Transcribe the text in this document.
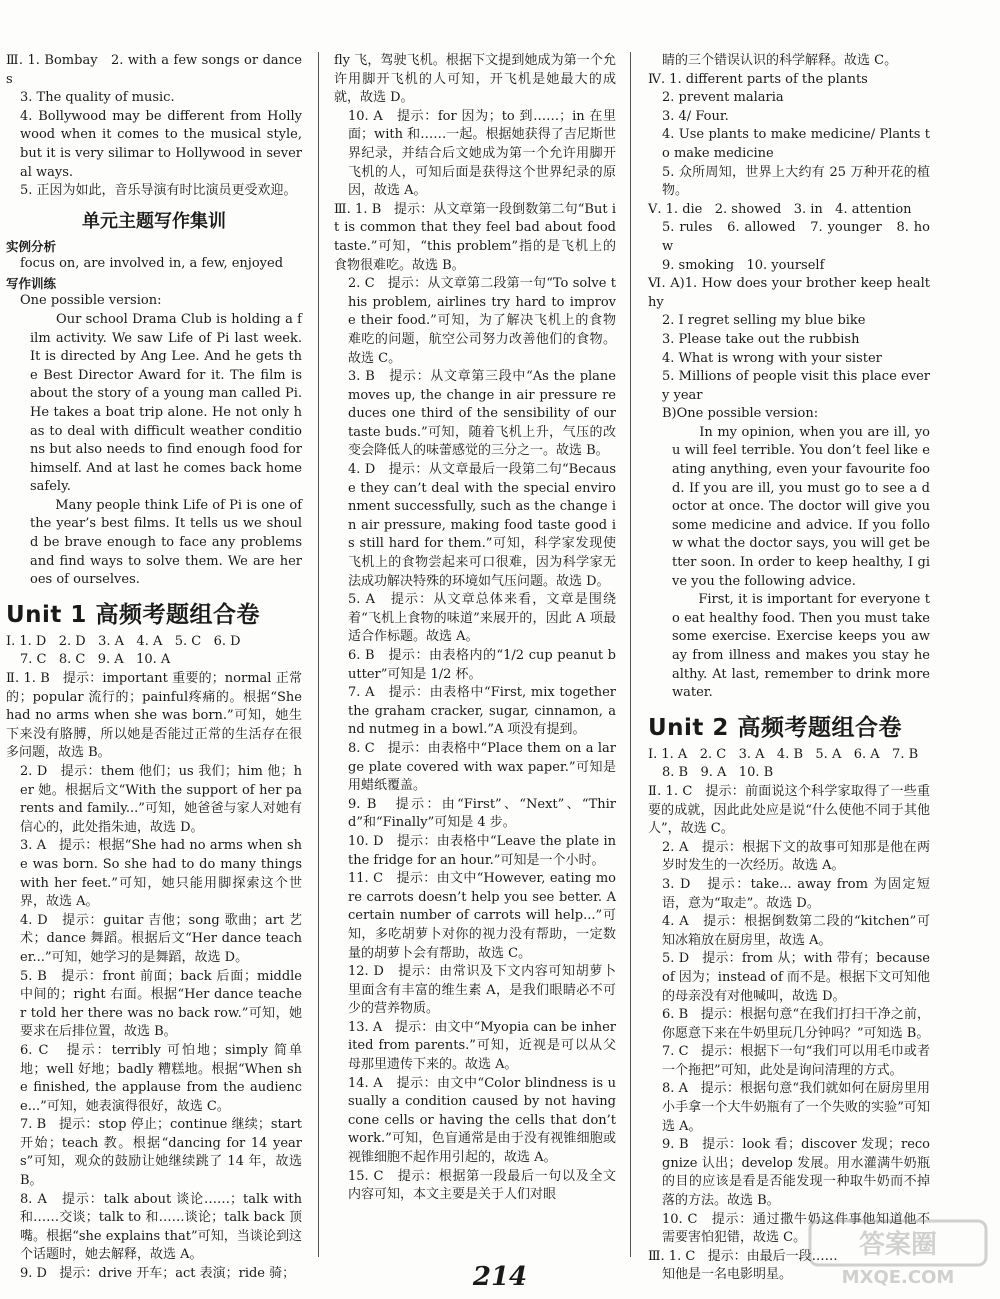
Ⅲ. 1. Bombay   2. with a few songs or dances
3. The quality of music.
4. Bollywood may be different from Hollywood when it comes to the musical style, but it is very silimar to Hollywood in several ways.
5. 正因为如此，音乐导演有时比演员更受欢迎。
单元主题写作集训
实例分析
focus on, are involved in, a few, enjoyed
写作训练
One possible version:
Our school Drama Club is holding a film activity. We saw Life of Pi last week. It is directed by Ang Lee. And he gets the Best Director Award for it. The film is about the story of a young man called Pi. He takes a boat trip alone. He not only has to deal with difficult weather conditions but also needs to find enough food for himself. And at last he comes back home safely.
Many people think Life of Pi is one of the year’s best films. It tells us we should be brave enough to face any problems and find ways to solve them. We are heroes of ourselves.
Unit 1 高频考题组合卷
Ⅰ. 1. D   2. D   3. A   4. A   5. C   6. D
7. C   8. C   9. A   10. A
Ⅱ. 1. B   提示：important 重要的；normal 正常的；popular 流行的；painful疼痛的。根据“She had no arms when she was born.”可知，她生下来没有胳膊，所以她是否能过正常的生活存在很多问题，故选 B。
2. D   提示：them 他们；us 我们；him 他；her 她。根据后文“With the support of her parents and family...”可知，她爸爸与家人对她有信心的，此处指朱迪，故选 D。
3. A   提示：根据“She had no arms when she was born. So she had to do many things with her feet.”可知，她只能用脚探索这个世界，故选 A。
4. D   提示：guitar 吉他；song 歌曲；art 艺术；dance 舞蹈。根据后文“Her dance teacher...”可知，她学习的是舞蹈，故选 D。
5. B   提示：front 前面；back 后面；middle 中间的；right 右面。根据“Her dance teacher told her there was no back row.”可知，她要求在后排位置，故选 B。
6. C   提示：terribly 可怕地；simply 简单地；well 好地；badly 糟糕地。根据“When she finished, the applause from the audience...”可知，她表演得很好，故选 C。
7. B   提示：stop 停止；continue 继续；start 开始；teach 教。根据“dancing for 14 years”可知，观众的鼓励让她继续跳了 14 年，故选 B。
8. A   提示：talk about 谈论……；talk with 和……交谈；talk to 和……谈论；talk back 顶嘴。根据“she explains that”可知，当谈论到这个话题时，她去解释，故选 A。
9. D   提示：drive 开车；act 表演；ride 骑；
fly 飞，驾驶飞机。根据下文提到她成为第一个允许用脚开飞机的人可知，开飞机是她最大的成就，故选 D。
10. A   提示：for 因为；to 到……；in 在里面；with 和……一起。根据她获得了吉尼斯世界纪录，并结合后文她成为第一个允许用脚开飞机的人，可知后面是获得这个世界纪录的原因，故选 A。
Ⅲ. 1. B   提示：从文章第一段倒数第二句“But it is common that they feel bad about food taste.”可知，“this problem”指的是飞机上的食物很难吃。故选 B。
2. C   提示：从文章第二段第一句“To solve this problem, airlines try hard to improve their food.”可知，为了解决飞机上的食物难吃的问题，航空公司努力改善他们的食物。故选 C。
3. B   提示：从文章第三段中“As the plane moves up, the change in air pressure reduces one third of the sensibility of our taste buds.”可知，随着飞机上升，气压的改变会降低人的味蕾感觉的三分之一。故选 B。
4. D   提示：从文章最后一段第二句“Because they can’t deal with the special environment successfully, such as the change in air pressure, making food taste good is still hard for them.”可知，科学家发现使飞机上的食物尝起来可口很难，因为科学家无法成功解决特殊的环境如气压问题。故选 D。
5. A   提示：从文章总体来看，文章是围绕着“飞机上食物的味道”来展开的，因此 A 项最适合作标题。故选 A。
6. B   提示：由表格内的“1/2 cup peanut butter”可知是 1/2 杯。
7. A   提示：由表格中“First, mix together the graham cracker, sugar, cinnamon, and nutmeg in a bowl.”A 项没有提到。
8. C   提示：由表格中“Place them on a large plate covered with wax paper.”可知是用蜡纸覆盖。
9. B   提示：由“First”、“Next”、“Third”和“Finally”可知是 4 步。
10. D   提示：由表格中“Leave the plate in the fridge for an hour.”可知是一个小时。
11. C   提示：由文中“However, eating more carrots doesn’t help you see better. A certain number of carrots will help...”可知，多吃胡萝卜对你的视力没有帮助，一定数量的胡萝卜会有帮助，故选 C。
12. D   提示：由常识及下文内容可知胡萝卜里面含有丰富的维生素 A，是我们眼睛必不可少的营养物质。
13. A   提示：由文中“Myopia can be inherited from parents.”可知，近视是可以从父母那里遗传下来的。故选 A。
14. A   提示：由文中“Color blindness is usually a condition caused by not having cone cells or having the cells that don’t work.”可知，色盲通常是由于没有视锥细胞或视锥细胞不起作用引起的，故选 A。
15. C   提示：根据第一段最后一句以及全文内容可知，本文主要是关于人们对眼
睛的三个错误认识的科学解释。故选 C。
Ⅳ. 1. different parts of the plants
2. prevent malaria
3. 4/ Four.
4. Use plants to make medicine/ Plants to make medicine
5. 众所周知，世界上大约有 25 万种开花的植物。
Ⅴ. 1. die   2. showed   3. in   4. attention
5. rules   6. allowed   7. younger   8. how
9. smoking   10. yourself
Ⅵ. A)1. How does your brother keep healthy
2. I regret selling my blue bike
3. Please take out the rubbish
4. What is wrong with your sister
5. Millions of people visit this place every year
B)One possible version:
In my opinion, when you are ill, you will feel terrible. You don’t feel like eating anything, even your favourite food. If you are ill, you must go to see a doctor at once. The doctor will give you some medicine and advice. If you follow what the doctor says, you will get better soon. In order to keep healthy, I give you the following advice.
First, it is important for everyone to eat healthy food. Then you must take some exercise. Exercise keeps you away from illness and makes you stay healthy. At last, remember to drink more water.
Unit 2 高频考题组合卷
Ⅰ. 1. A   2. C   3. A   4. B   5. A   6. A   7. B
8. B   9. A   10. B
Ⅱ. 1. C   提示：前面说这个科学家取得了一些重要的成就，因此此处应是说“什么使他不同于其他人”，故选 C。
2. A   提示：根据下文的故事可知那是他在两岁时发生的一次经历。故选 A。
3. D   提示：take... away from 为固定短语，意为“取走”。故选 D。
4. A   提示：根据倒数第二段的“kitchen”可知冰箱放在厨房里，故选 A。
5. D   提示：from 从；with 带有；because of 因为；instead of 而不是。根据下文可知他的母亲没有对他喊叫，故选 D。
6. B   提示：根据句意“在我们打扫干净之前，你愿意下来在牛奶里玩几分钟吗？”可知选 B。
7. C   提示：根据下一句“我们可以用毛巾或者一个拖把”可知，此处是询问清理的方式。
8. A   提示：根据句意“我们就如何在厨房里用小手拿一个大牛奶瓶有了一个失败的实验”可知选 A。
9. B   提示：look 看；discover 发现；recognize 认出；develop 发展。用水灌满牛奶瓶的目的应该是看是否能发现一种取牛奶而不掉落的方法。故选 B。
10. C   提示：通过撒牛奶这件事他知道他不需要害怕犯错，故选 C。
Ⅲ. 1. C   提示：由最后一段……
知他是一名电影明星。
214
答案圈
MXQE.COM
